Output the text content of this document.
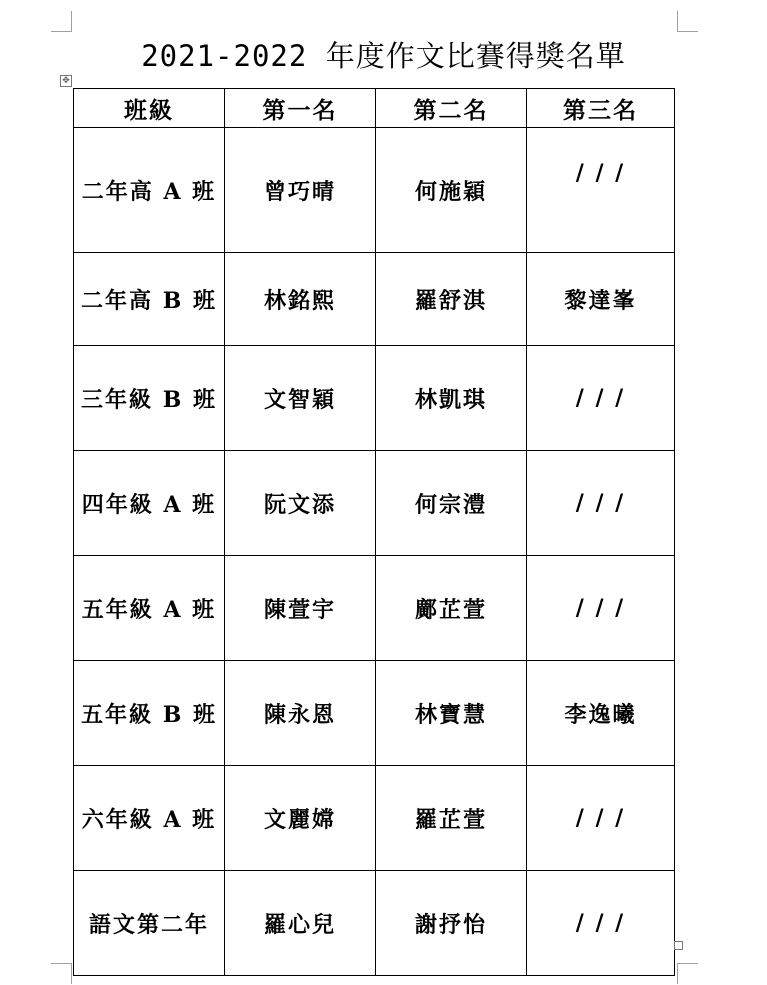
2021-2022 年度作文比賽得獎名單
✥
班級	第一名	第二名	第三名
二年高 A 班	曾巧晴	何施穎	/ / /
二年高 B 班	林銘熙	羅舒淇	黎達峯
三年級 B 班	文智穎	林凱琪	/ / /
四年級 A 班	阮文添	何宗澧	/ / /
五年級 A 班	陳萱宇	鄺芷萱	/ / /
五年級 B 班	陳永恩	林寶慧	李逸曦
六年級 A 班	文麗嫦	羅芷萱	/ / /
語文第二年	羅心兒	謝抒怡	/ / /
